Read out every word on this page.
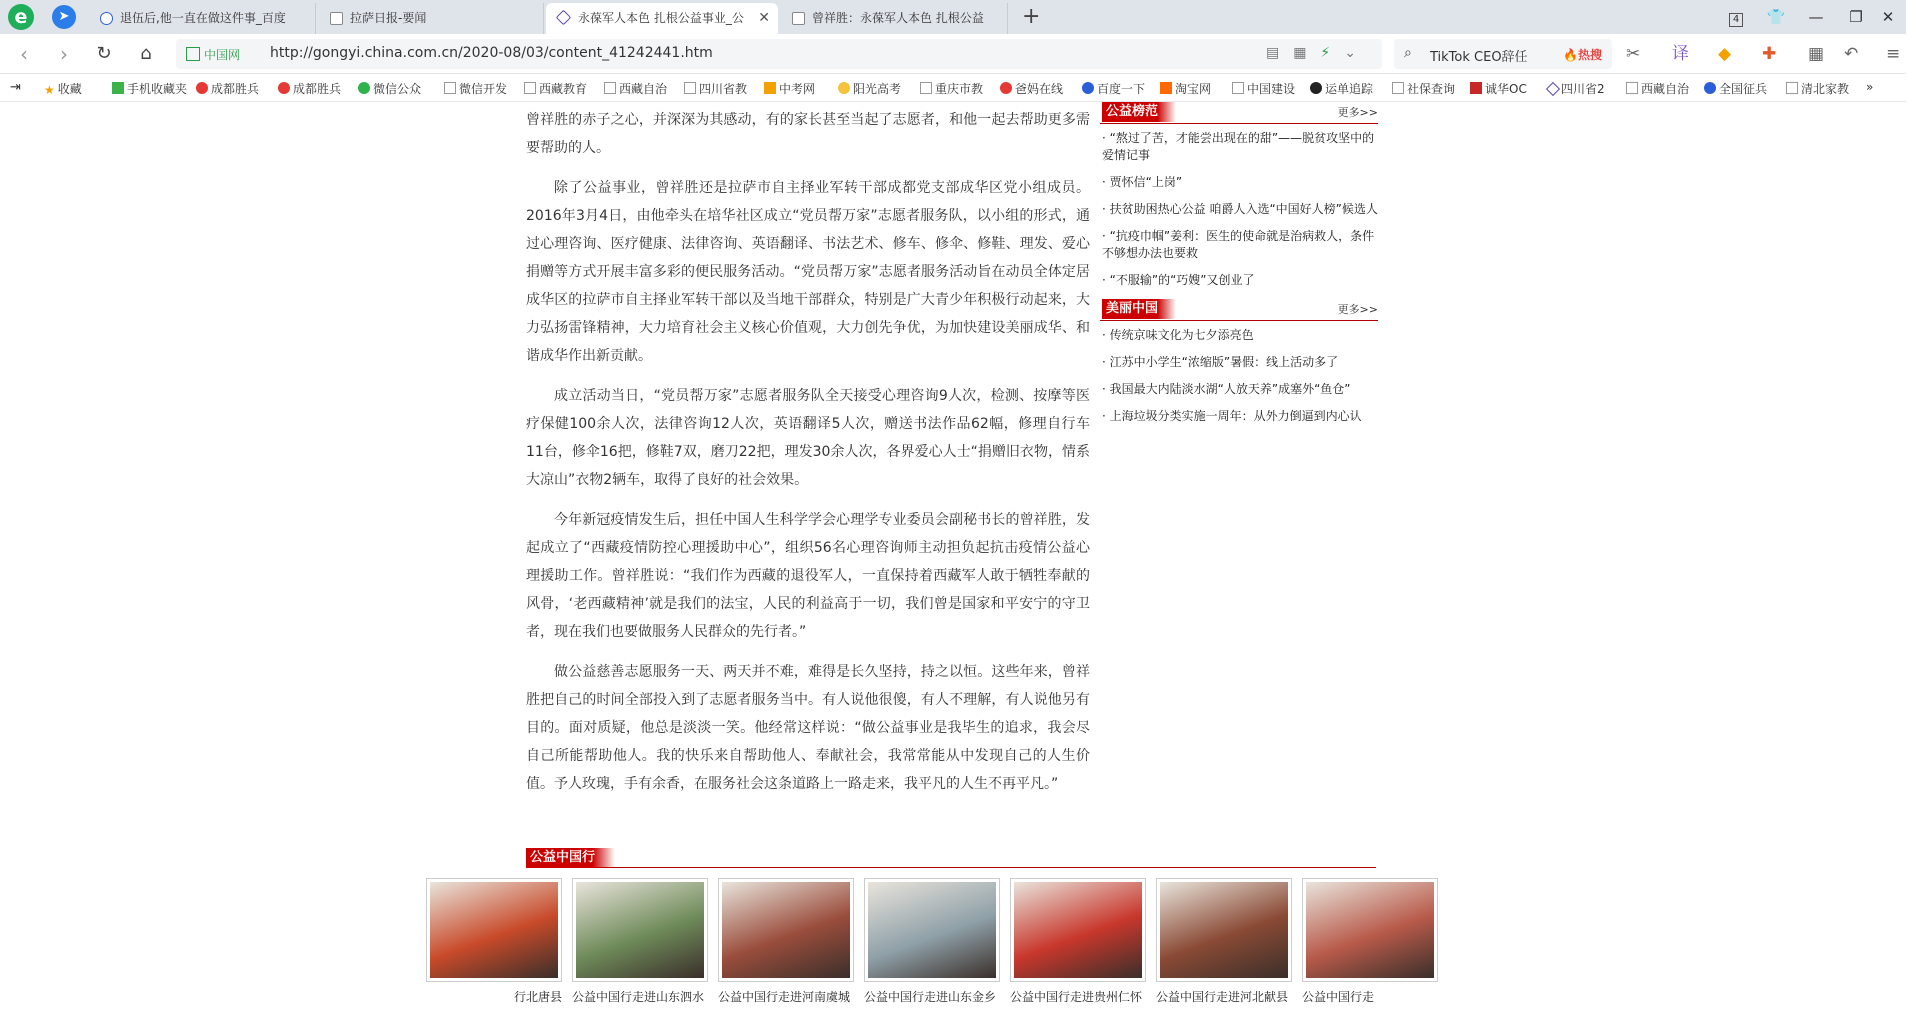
e	➤	退伍后,他一直在做这件事_百度	拉萨日报-要闻	永葆军人本色 扎根公益事业_公 ✕	曾祥胜：永葆军人本色 扎根公益	+	4	👕	—	❐	✕
‹	›	↻	⌂	中国网 http://gongyi.china.com.cn/2020-08/03/content_41242441.htm	▤▦⚡⌄ ⌕ TikTok CEO辞任	🔥热搜 ✂ 译 ◆ ✚ ▦ ↶ ≡
⇥ ★ 收藏	手机收藏夹	成都胜兵	成都胜兵	微信公众	微信开发	西藏教育	西藏自治	四川省教	中考网	阳光高考	重庆市教	爸妈在线	百度一下	淘宝网	中国建设	运单追踪	社保查询	诚华OC	四川省2	西藏自治	全国征兵	清北家教 »

曾祥胜的赤子之心，并深深为其感动，有的家长甚至当起了志愿者，和他一起去帮助更多需要帮助的人。

除了公益事业，曾祥胜还是拉萨市自主择业军转干部成都党支部成华区党小组成员。2016年3月4日，由他牵头在培华社区成立“党员帮万家”志愿者服务队，以小组的形式，通过心理咨询、医疗健康、法律咨询、英语翻译、书法艺术、修车、修伞、修鞋、理发、爱心捐赠等方式开展丰富多彩的便民服务活动。“党员帮万家”志愿者服务活动旨在动员全体定居成华区的拉萨市自主择业军转干部以及当地干部群众，特别是广大青少年积极行动起来，大力弘扬雷锋精神，大力培育社会主义核心价值观，大力创先争优，为加快建设美丽成华、和谐成华作出新贡献。

成立活动当日，“党员帮万家”志愿者服务队全天接受心理咨询9人次，检测、按摩等医疗保健100余人次，法律咨询12人次，英语翻译5人次，赠送书法作品62幅，修理自行车11台，修伞16把，修鞋7双，磨刀22把，理发30余人次，各界爱心人士“捐赠旧衣物，情系大凉山”衣物2辆车，取得了良好的社会效果。

今年新冠疫情发生后，担任中国人生科学学会心理学专业委员会副秘书长的曾祥胜，发起成立了“西藏疫情防控心理援助中心”，组织56名心理咨询师主动担负起抗击疫情公益心理援助工作。曾祥胜说：“我们作为西藏的退役军人，一直保持着西藏军人敢于牺牲奉献的风骨，‘老西藏精神’就是我们的法宝，人民的利益高于一切，我们曾是国家和平安宁的守卫者，现在我们也要做服务人民群众的先行者。”

做公益慈善志愿服务一天、两天并不难，难得是长久坚持，持之以恒。这些年来，曾祥胜把自己的时间全部投入到了志愿者服务当中。有人说他很傻，有人不理解，有人说他另有目的。面对质疑，他总是淡淡一笑。他经常这样说：“做公益事业是我毕生的追求，我会尽自己所能帮助他人。我的快乐来自帮助他人、奉献社会，我常常能从中发现自己的人生价值。予人玫瑰，手有余香，在服务社会这条道路上一路走来，我平凡的人生不再平凡。”

公益榜范	更多>>
· “熬过了苦，才能尝出现在的甜”——脱贫攻坚中的爱情记事
· 贾怀信“上岗”
· 扶贫助困热心公益 咱爵人入选“中国好人榜”候选人
· “抗疫巾帼”姜利：医生的使命就是治病救人，条件不够想办法也要救
· “不服输”的“巧嫂”又创业了
美丽中国	更多>>
· 传统京味文化为七夕添亮色
· 江苏中小学生“浓缩版”暑假：线上活动多了
· 我国最大内陆淡水湖“人放天养”成塞外“鱼仓”
· 上海垃圾分类实施一周年：从外力倒逼到内心认
公益中国行
行北唐县 公益中国行走进山东泗水	公益中国行走进河南虞城	公益中国行走进山东金乡	公益中国行走进贵州仁怀	公益中国行走进河北献县	公益中国行走
